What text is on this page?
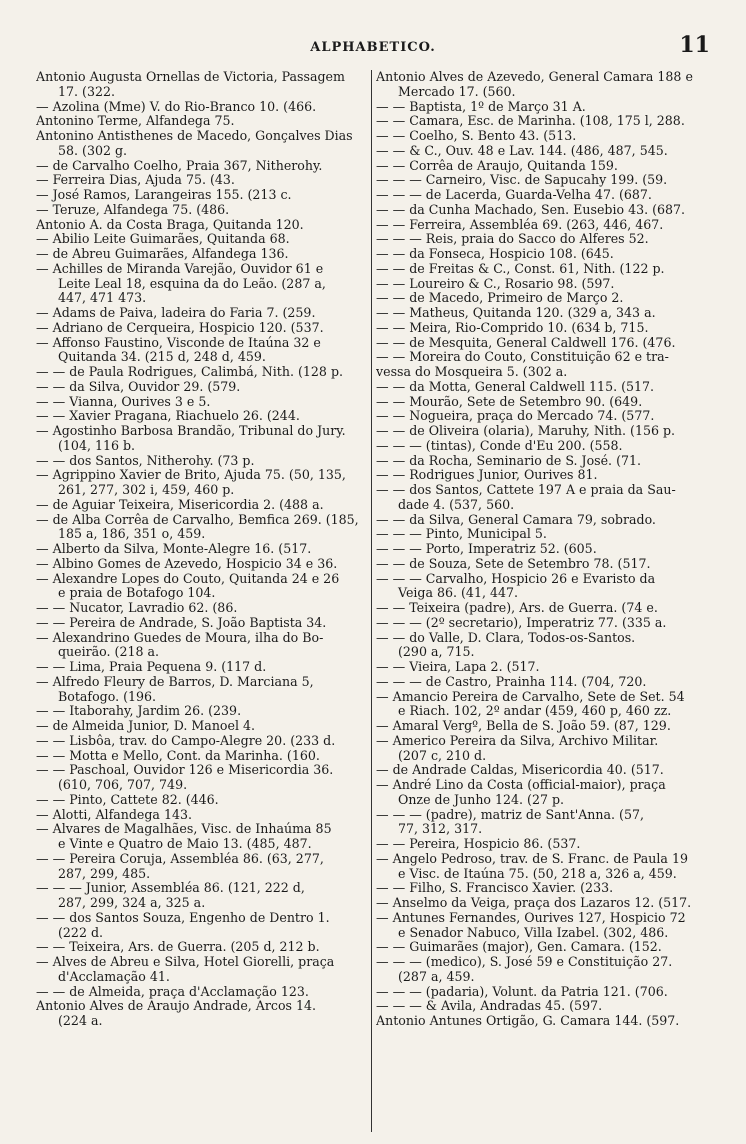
ALPHABETICO.	11
Antonio Augusta Ornellas de Victoria, Passagem
17. (322.
— Azolina (Mme) V. do Rio-Branco 10. (466.
Antonino Terme, Alfandega 75.
Antonino Antisthenes de Macedo, Gonçalves Dias
58. (302 g.
— de Carvalho Coelho, Praia 367, Nitherohy.
— Ferreira Dias, Ajuda 75. (43.
— José Ramos, Larangeiras 155. (213 c.
— Teruze, Alfandega 75. (486.
Antonio A. da Costa Braga, Quitanda 120.
— Abilio Leite Guimarães, Quitanda 68.
— de Abreu Guimarães, Alfandega 136.
— Achilles de Miranda Varejão, Ouvidor 61 e
Leite Leal 18, esquina da do Leão. (287 a,
447, 471 473.
— Adams de Paiva, ladeira do Faria 7. (259.
— Adriano de Cerqueira, Hospicio 120. (537.
— Affonso Faustino, Visconde de Itaúna 32 e
Quitanda 34. (215 d, 248 d, 459.
— — de Paula Rodrigues, Calimbá, Nith. (128 p.
— — da Silva, Ouvidor 29. (579.
— — Vianna, Ourives 3 e 5.
— — Xavier Pragana, Riachuelo 26. (244.
— Agostinho Barbosa Brandão, Tribunal do Jury.
(104, 116 b.
— — dos Santos, Nitherohy. (73 p.
— Agrippino Xavier de Brito, Ajuda 75. (50, 135,
261, 277, 302 i, 459, 460 p.
— de Aguiar Teixeira, Misericordia 2. (488 a.
— de Alba Corrêa de Carvalho, Bemfica 269. (185,
185 a, 186, 351 o, 459.
— Alberto da Silva, Monte-Alegre 16. (517.
— Albino Gomes de Azevedo, Hospicio 34 e 36.
— Alexandre Lopes do Couto, Quitanda 24 e 26
e praia de Botafogo 104.
— — Nucator, Lavradio 62. (86.
— — Pereira de Andrade, S. João Baptista 34.
— Alexandrino Guedes de Moura, ilha do Bo-
queirão. (218 a.
— — Lima, Praia Pequena 9. (117 d.
— Alfredo Fleury de Barros, D. Marciana 5,
Botafogo. (196.
— — Itaborahy, Jardim 26. (239.
— de Almeida Junior, D. Manoel 4.
— — Lisbôa, trav. do Campo-Alegre 20. (233 d.
— — Motta e Mello, Cont. da Marinha. (160.
— — Paschoal, Ouvidor 126 e Misericordia 36.
(610, 706, 707, 749.
— — Pinto, Cattete 82. (446.
— Alotti, Alfandega 143.
— Alvares de Magalhães, Visc. de Inhaúma 85
e Vinte e Quatro de Maio 13. (485, 487.
— — Pereira Coruja, Assembléa 86. (63, 277,
287, 299, 485.
— — — Junior, Assembléa 86. (121, 222 d,
287, 299, 324 a, 325 a.
— — dos Santos Souza, Engenho de Dentro 1.
(222 d.
— — Teixeira, Ars. de Guerra. (205 d, 212 b.
— Alves de Abreu e Silva, Hotel Giorelli, praça
d'Acclamação 41.
— — de Almeida, praça d'Acclamação 123.
Antonio Alves de Araujo Andrade, Arcos 14.
(224 a.
Antonio Alves de Azevedo, General Camara 188 e
Mercado 17. (560.
— — Baptista, 1º de Março 31 A.
— — Camara, Esc. de Marinha. (108, 175 l, 288.
— — Coelho, S. Bento 43. (513.
— — & C., Ouv. 48 e Lav. 144. (486, 487, 545.
— — Corrêa de Araujo, Quitanda 159.
— — — Carneiro, Visc. de Sapucahy 199. (59.
— — — de Lacerda, Guarda-Velha 47. (687.
— — da Cunha Machado, Sen. Eusebio 43. (687.
— — Ferreira, Assembléa 69. (263, 446, 467.
— — — Reis, praia do Sacco do Alferes 52.
— — da Fonseca, Hospicio 108. (645.
— — de Freitas & C., Const. 61, Nith. (122 p.
— — Loureiro & C., Rosario 98. (597.
— — de Macedo, Primeiro de Março 2.
— — Matheus, Quitanda 120. (329 a, 343 a.
— — Meira, Rio-Comprido 10. (634 b, 715.
— — de Mesquita, General Caldwell 176. (476.
— — Moreira do Couto, Constituição 62 e tra-
vessa do Mosqueira 5. (302 a.
— — da Motta, General Caldwell 115. (517.
— — Mourão, Sete de Setembro 90. (649.
— — Nogueira, praça do Mercado 74. (577.
— — de Oliveira (olaria), Maruhy, Nith. (156 p.
— — — (tintas), Conde d'Eu 200. (558.
— — da Rocha, Seminario de S. José. (71.
— — Rodrigues Junior, Ourives 81.
— — dos Santos, Cattete 197 A e praia da Sau-
dade 4. (537, 560.
— — da Silva, General Camara 79, sobrado.
— — — Pinto, Municipal 5.
— — — Porto, Imperatriz 52. (605.
— — de Souza, Sete de Setembro 78. (517.
— — — Carvalho, Hospicio 26 e Evaristo da
Veiga 86. (41, 447.
— — Teixeira (padre), Ars. de Guerra. (74 e.
— — — (2º secretario), Imperatriz 77. (335 a.
— — do Valle, D. Clara, Todos-os-Santos.
(290 a, 715.
— — Vieira, Lapa 2. (517.
— — — de Castro, Prainha 114. (704, 720.
— Amancio Pereira de Carvalho, Sete de Set. 54
e Riach. 102, 2º andar (459, 460 p, 460 zz.
— Amaral Vergº, Bella de S. João 59. (87, 129.
— Americo Pereira da Silva, Archivo Militar.
(207 c, 210 d.
— de Andrade Caldas, Misericordia 40. (517.
— André Lino da Costa (official-maior), praça
Onze de Junho 124. (27 p.
— — — (padre), matriz de Sant'Anna. (57,
77, 312, 317.
— — Pereira, Hospicio 86. (537.
— Angelo Pedroso, trav. de S. Franc. de Paula 19
e Visc. de Itaúna 75. (50, 218 a, 326 a, 459.
— — Filho, S. Francisco Xavier. (233.
— Anselmo da Veiga, praça dos Lazaros 12. (517.
— Antunes Fernandes, Ourives 127, Hospicio 72
e Senador Nabuco, Villa Izabel. (302, 486.
— — Guimarães (major), Gen. Camara. (152.
— — — (medico), S. José 59 e Constituição 27.
(287 a, 459.
— — — (padaria), Volunt. da Patria 121. (706.
— — — & Avila, Andradas 45. (597.
Antonio Antunes Ortigão, G. Camara 144. (597.
